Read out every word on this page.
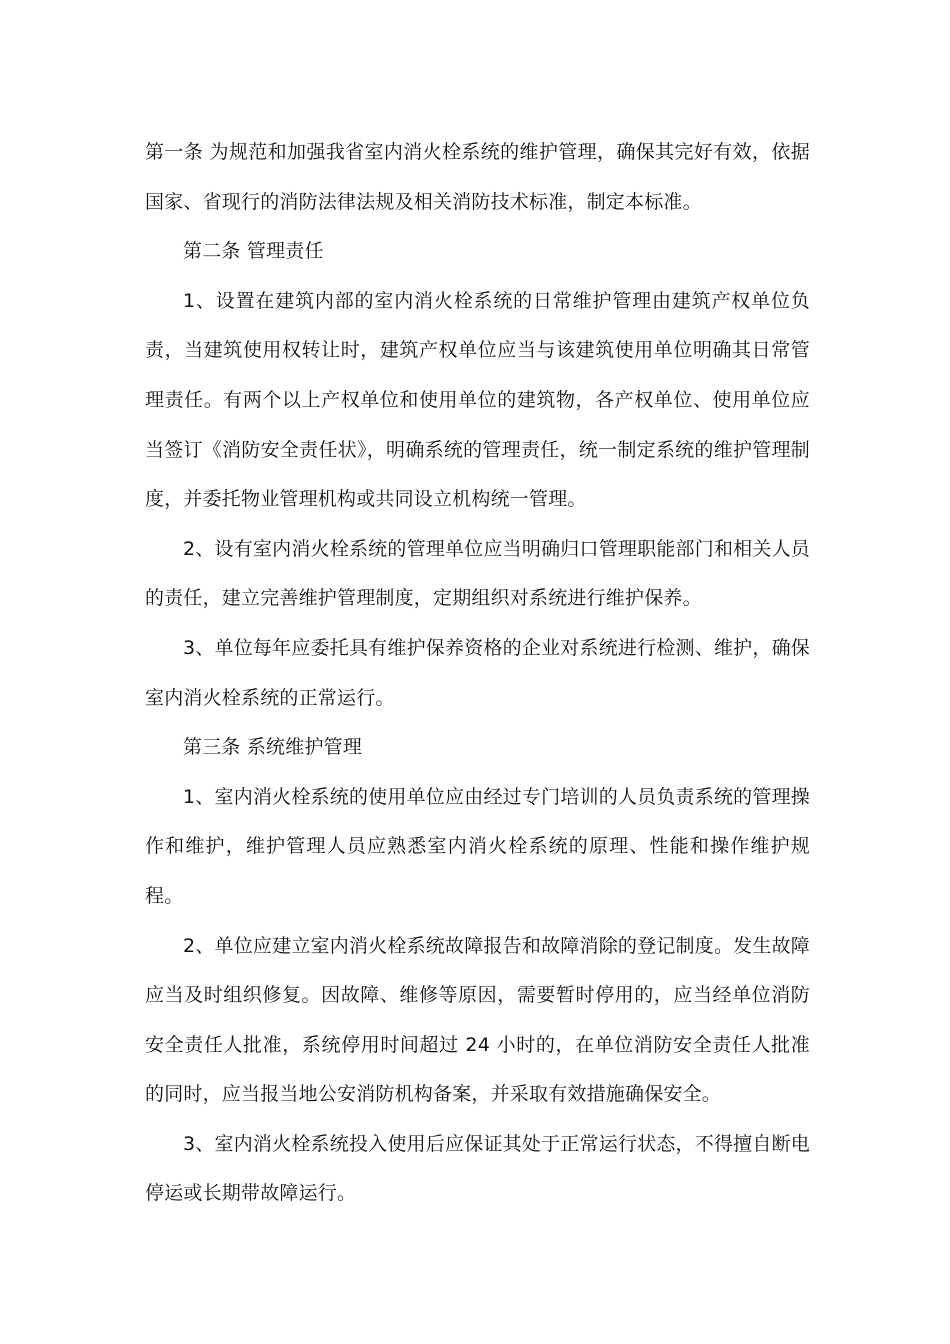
第一条 为规范和加强我省室内消火栓系统的维护管理，确保其完好有效，依据国家、省现行的消防法律法规及相关消防技术标准，制定本标准。

第二条 管理责任

1、设置在建筑内部的室内消火栓系统的日常维护管理由建筑产权单位负责，当建筑使用权转让时，建筑产权单位应当与该建筑使用单位明确其日常管理责任。有两个以上产权单位和使用单位的建筑物，各产权单位、使用单位应当签订《消防安全责任状》，明确系统的管理责任，统一制定系统的维护管理制度，并委托物业管理机构或共同设立机构统一管理。

2、设有室内消火栓系统的管理单位应当明确归口管理职能部门和相关人员的责任，建立完善维护管理制度，定期组织对系统进行维护保养。

3、单位每年应委托具有维护保养资格的企业对系统进行检测、维护，确保室内消火栓系统的正常运行。

第三条 系统维护管理

1、室内消火栓系统的使用单位应由经过专门培训的人员负责系统的管理操作和维护，维护管理人员应熟悉室内消火栓系统的原理、性能和操作维护规程。

2、单位应建立室内消火栓系统故障报告和故障消除的登记制度。发生故障应当及时组织修复。因故障、维修等原因，需要暂时停用的，应当经单位消防安全责任人批准，系统停用时间超过 24 小时的，在单位消防安全责任人批准的同时，应当报当地公安消防机构备案，并采取有效措施确保安全。

3、室内消火栓系统投入使用后应保证其处于正常运行状态，不得擅自断电停运或长期带故障运行。
